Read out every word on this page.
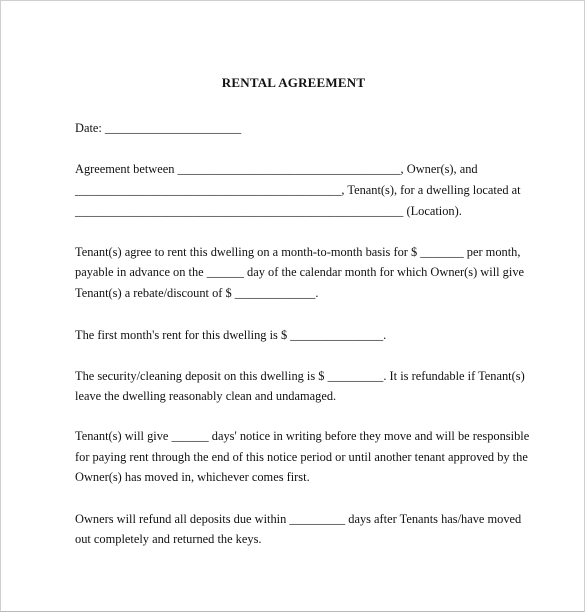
RENTAL AGREEMENT
Date: ______________________
Agreement between ____________________________________, Owner(s), and
___________________________________________, Tenant(s), for a dwelling located at
_____________________________________________________ (Location).
Tenant(s) agree to rent this dwelling on a month-to-month basis for $ _______ per month,
payable in advance on the ______ day of the calendar month for which Owner(s) will give
Tenant(s) a rebate/discount of $ _____________.
The first month's rent for this dwelling is $ _______________.
The security/cleaning deposit on this dwelling is $ _________. It is refundable if Tenant(s)
leave the dwelling reasonably clean and undamaged.
Tenant(s) will give ______ days' notice in writing before they move and will be responsible
for paying rent through the end of this notice period or until another tenant approved by the
Owner(s) has moved in, whichever comes first.
Owners will refund all deposits due within _________ days after Tenants has/have moved
out completely and returned the keys.
